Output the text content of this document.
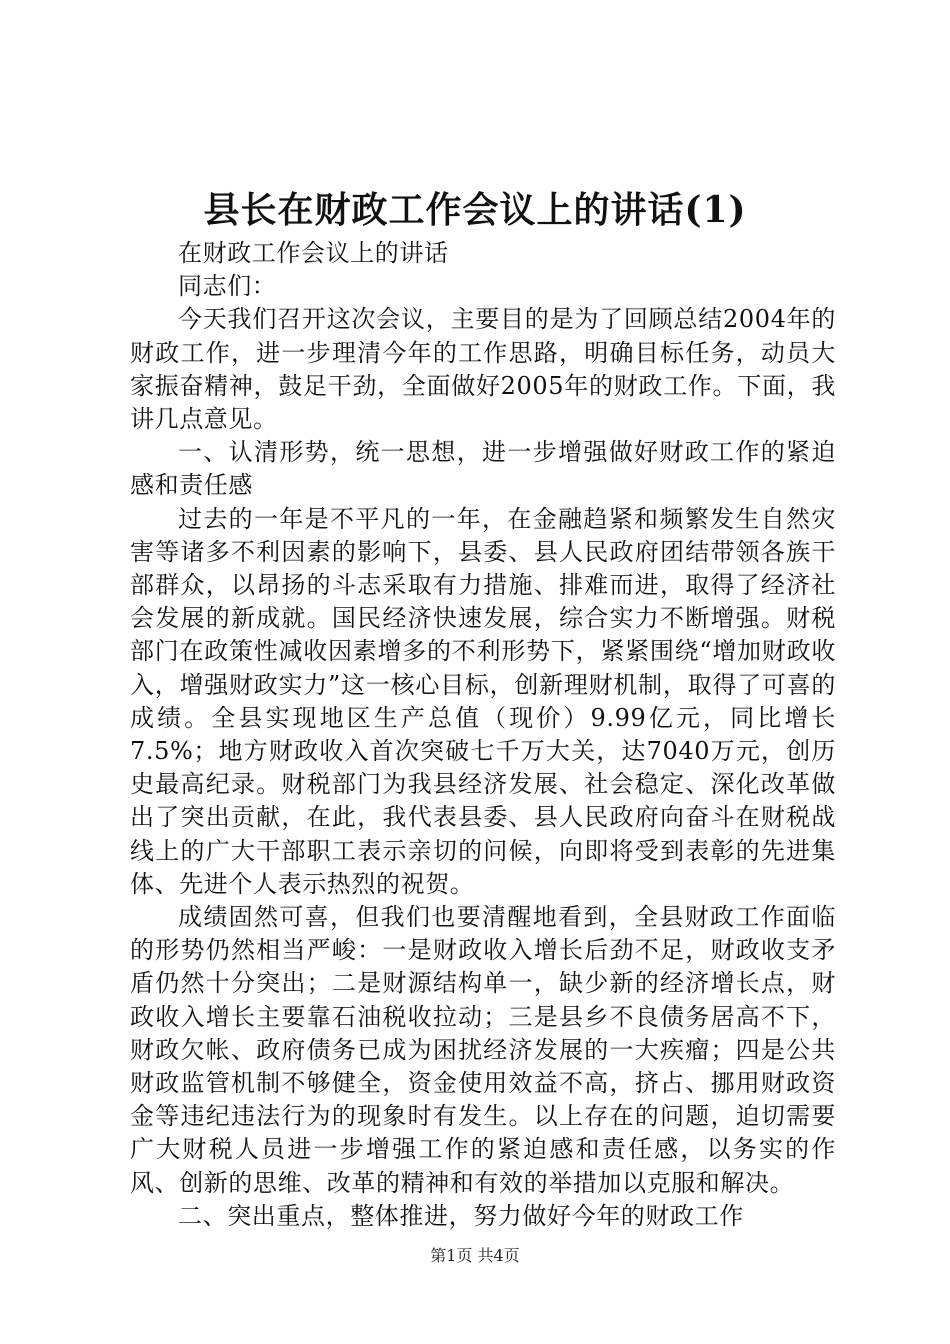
县长在财政工作会议上的讲话(1)

在财政工作会议上的讲话

同志们：

今天我们召开这次会议，主要目的是为了回顾总结2004年的财政工作，进一步理清今年的工作思路，明确目标任务，动员大家振奋精神，鼓足干劲，全面做好2005年的财政工作。下面，我讲几点意见。

一、认清形势，统一思想，进一步增强做好财政工作的紧迫感和责任感

过去的一年是不平凡的一年，在金融趋紧和频繁发生自然灾害等诸多不利因素的影响下，县委、县人民政府团结带领各族干部群众，以昂扬的斗志采取有力措施、排难而进，取得了经济社会发展的新成就。国民经济快速发展，综合实力不断增强。财税部门在政策性减收因素增多的不利形势下，紧紧围绕“增加财政收入，增强财政实力”这一核心目标，创新理财机制，取得了可喜的成绩。全县实现地区生产总值（现价）9.99亿元，同比增长7.5%；地方财政收入首次突破七千万大关，达7040万元，创历史最高纪录。财税部门为我县经济发展、社会稳定、深化改革做出了突出贡献，在此，我代表县委、县人民政府向奋斗在财税战线上的广大干部职工表示亲切的问候，向即将受到表彰的先进集体、先进个人表示热烈的祝贺。

成绩固然可喜，但我们也要清醒地看到，全县财政工作面临的形势仍然相当严峻：一是财政收入增长后劲不足，财政收支矛盾仍然十分突出；二是财源结构单一，缺少新的经济增长点，财政收入增长主要靠石油税收拉动；三是县乡不良债务居高不下，财政欠帐、政府债务已成为困扰经济发展的一大疾瘤；四是公共财政监管机制不够健全，资金使用效益不高，挤占、挪用财政资金等违纪违法行为的现象时有发生。以上存在的问题，迫切需要广大财税人员进一步增强工作的紧迫感和责任感，以务实的作风、创新的思维、改革的精神和有效的举措加以克服和解决。

二、突出重点，整体推进，努力做好今年的财政工作

第1页 共4页
